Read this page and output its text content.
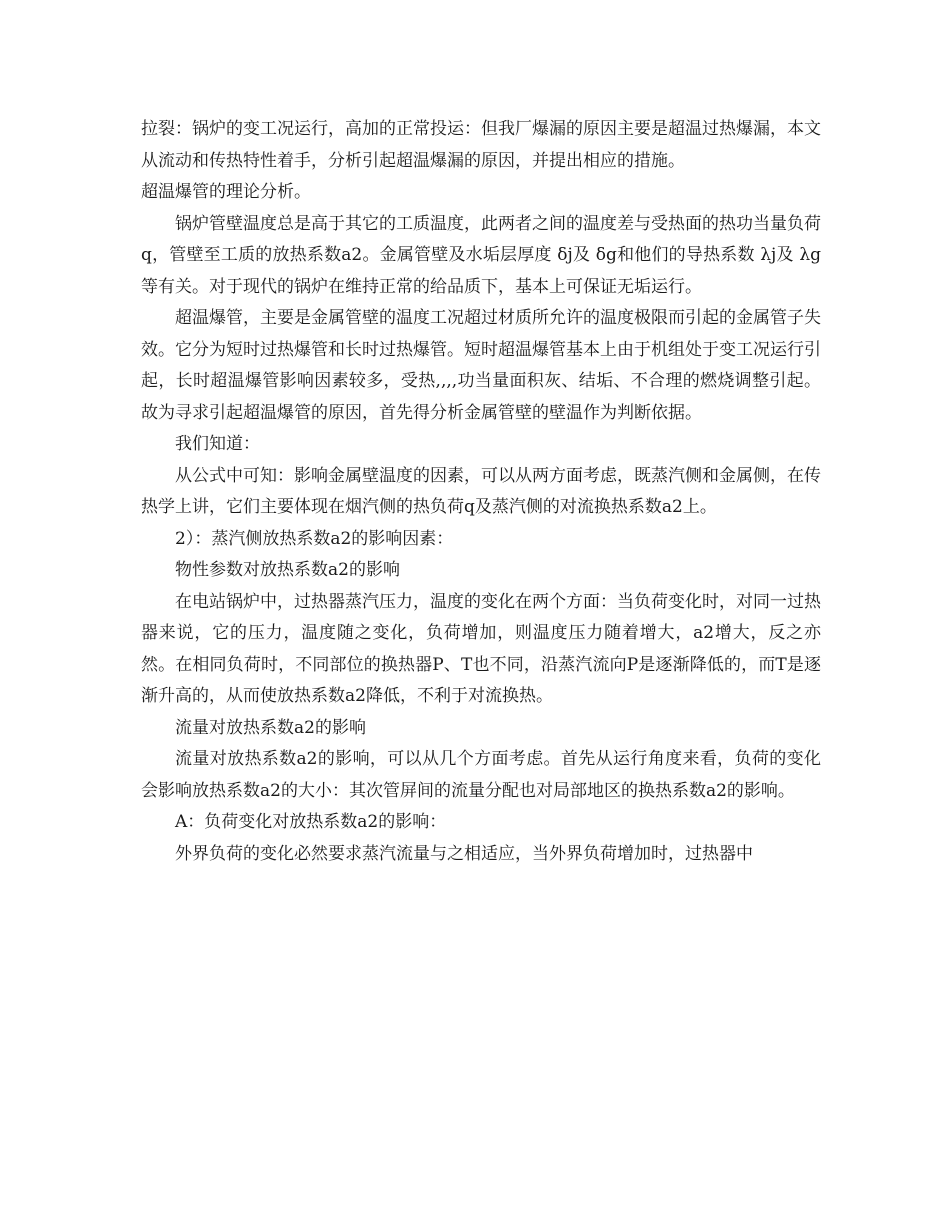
拉裂：锅炉的变工况运行，高加的正常投运：但我厂爆漏的原因主要是超温过热爆漏，本文从流动和传热特性着手，分析引起超温爆漏的原因，并提出相应的措施。

超温爆管的理论分析。

锅炉管壁温度总是高于其它的工质温度，此两者之间的温度差与受热面的热功当量负荷q，管壁至工质的放热系数a2。金属管壁及水垢层厚度 δj及 δg和他们的导热系数 λj及 λg等有关。对于现代的锅炉在维持正常的给品质下，基本上可保证无垢运行。

超温爆管，主要是金属管壁的温度工况超过材质所允许的温度极限而引起的金属管子失效。它分为短时过热爆管和长时过热爆管。短时超温爆管基本上由于机组处于变工况运行引起，长时超温爆管影响因素较多，受热,,,,功当量面积灰、结垢、不合理的燃烧调整引起。故为寻求引起超温爆管的原因，首先得分析金属管壁的壁温作为判断依据。

我们知道：

从公式中可知：影响金属壁温度的因素，可以从两方面考虑，既蒸汽侧和金属侧，在传热学上讲，它们主要体现在烟汽侧的热负荷q及蒸汽侧的对流换热系数a2上。

2）：蒸汽侧放热系数a2的影响因素：

物性参数对放热系数a2的影响

在电站锅炉中，过热器蒸汽压力，温度的变化在两个方面：当负荷变化时，对同一过热器来说，它的压力，温度随之变化，负荷增加，则温度压力随着增大，a2增大，反之亦然。在相同负荷时，不同部位的换热器P、T也不同，沿蒸汽流向P是逐渐降低的，而T是逐渐升高的，从而使放热系数a2降低，不利于对流换热。

流量对放热系数a2的影响

流量对放热系数a2的影响，可以从几个方面考虑。首先从运行角度来看，负荷的变化会影响放热系数a2的大小：其次管屏间的流量分配也对局部地区的换热系数a2的影响。

A：负荷变化对放热系数a2的影响：

外界负荷的变化必然要求蒸汽流量与之相适应，当外界负荷增加时，过热器中
